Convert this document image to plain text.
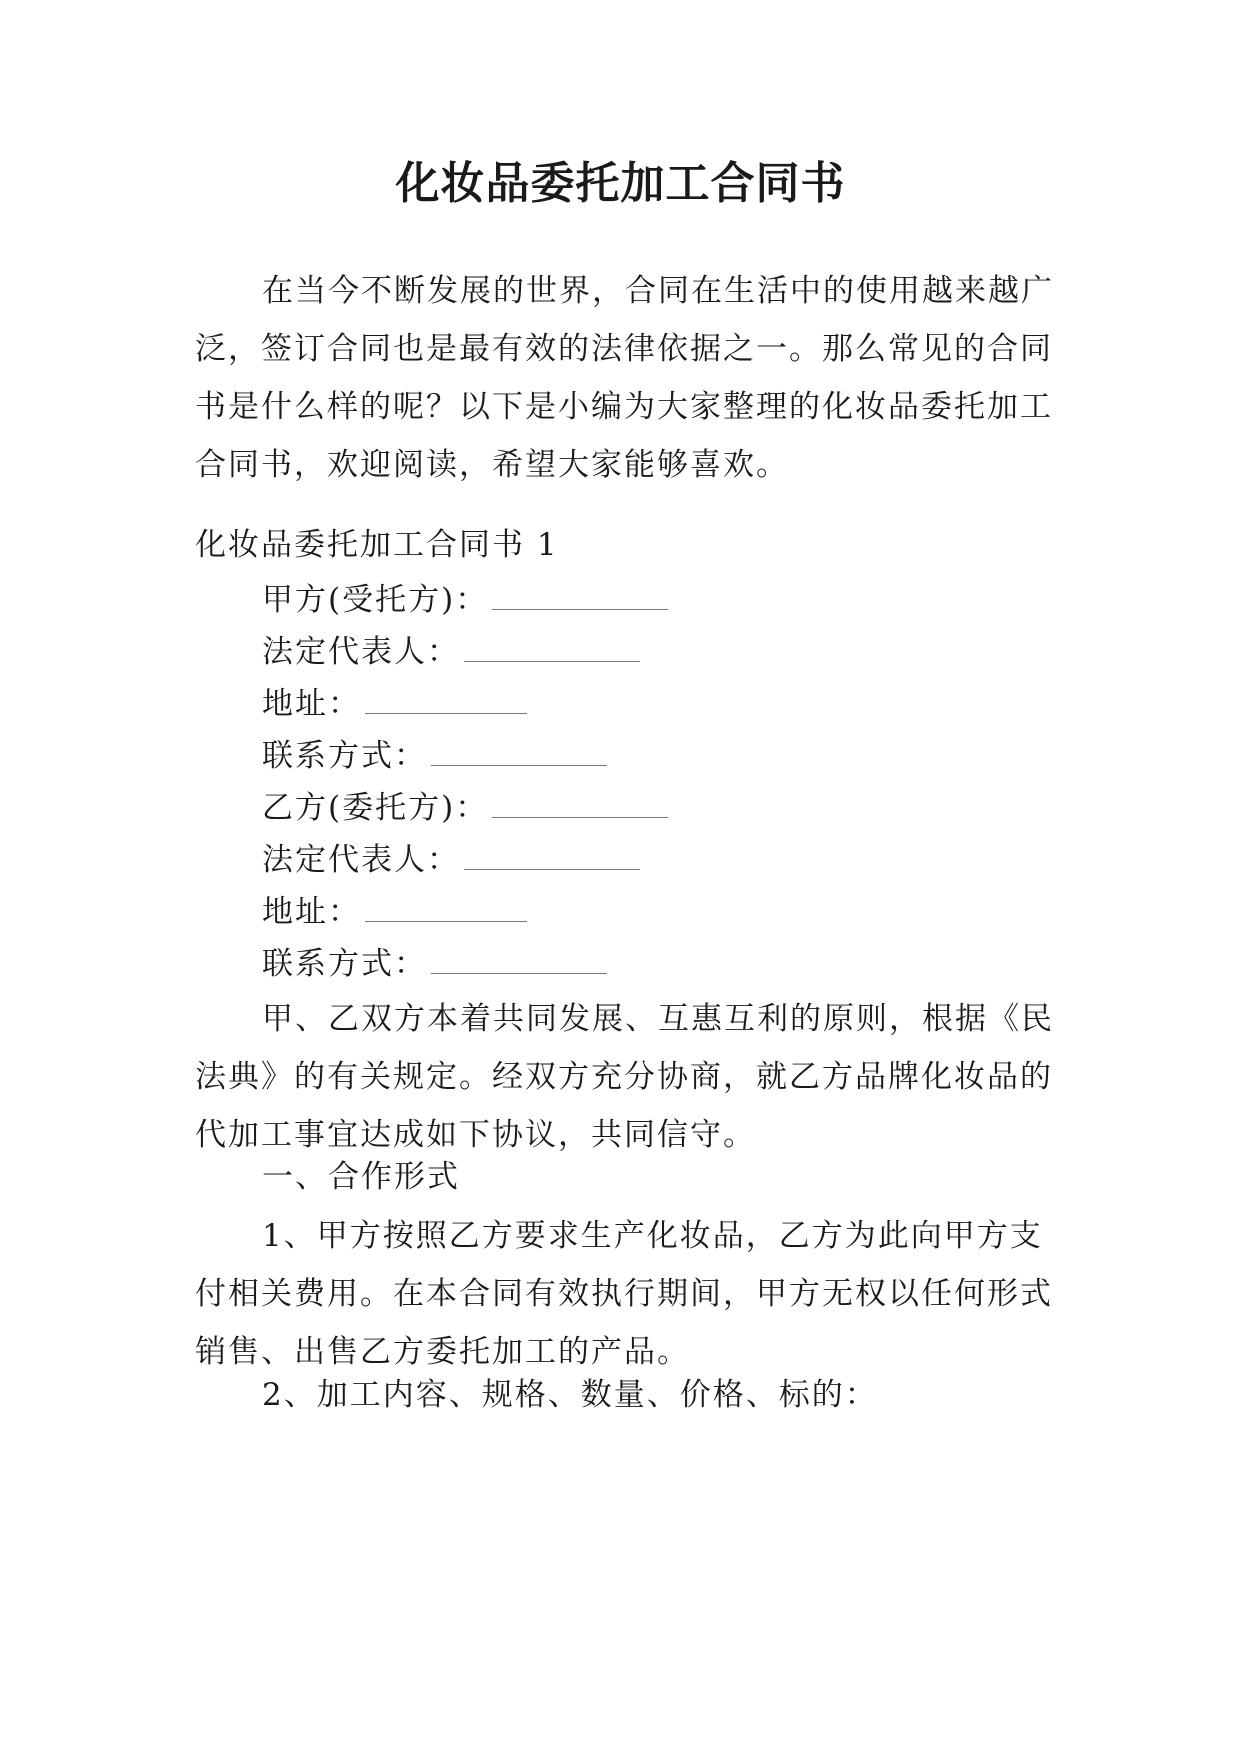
化妆品委托加工合同书

在当今不断发展的世界，合同在生活中的使用越来越广泛，签订合同也是最有效的法律依据之一。那么常见的合同书是什么样的呢？以下是小编为大家整理的化妆品委托加工合同书，欢迎阅读，希望大家能够喜欢。

化妆品委托加工合同书 1

甲方(受托方)：
法定代表人：
地址：
联系方式：
乙方(委托方)：
法定代表人：
地址：
联系方式：

甲、乙双方本着共同发展、互惠互利的原则，根据《民法典》的有关规定。经双方充分协商，就乙方品牌化妆品的代加工事宜达成如下协议，共同信守。

一、合作形式

1、甲方按照乙方要求生产化妆品，乙方为此向甲方支付相关费用。在本合同有效执行期间，甲方无权以任何形式销售、出售乙方委托加工的产品。

2、加工内容、规格、数量、价格、标的：
